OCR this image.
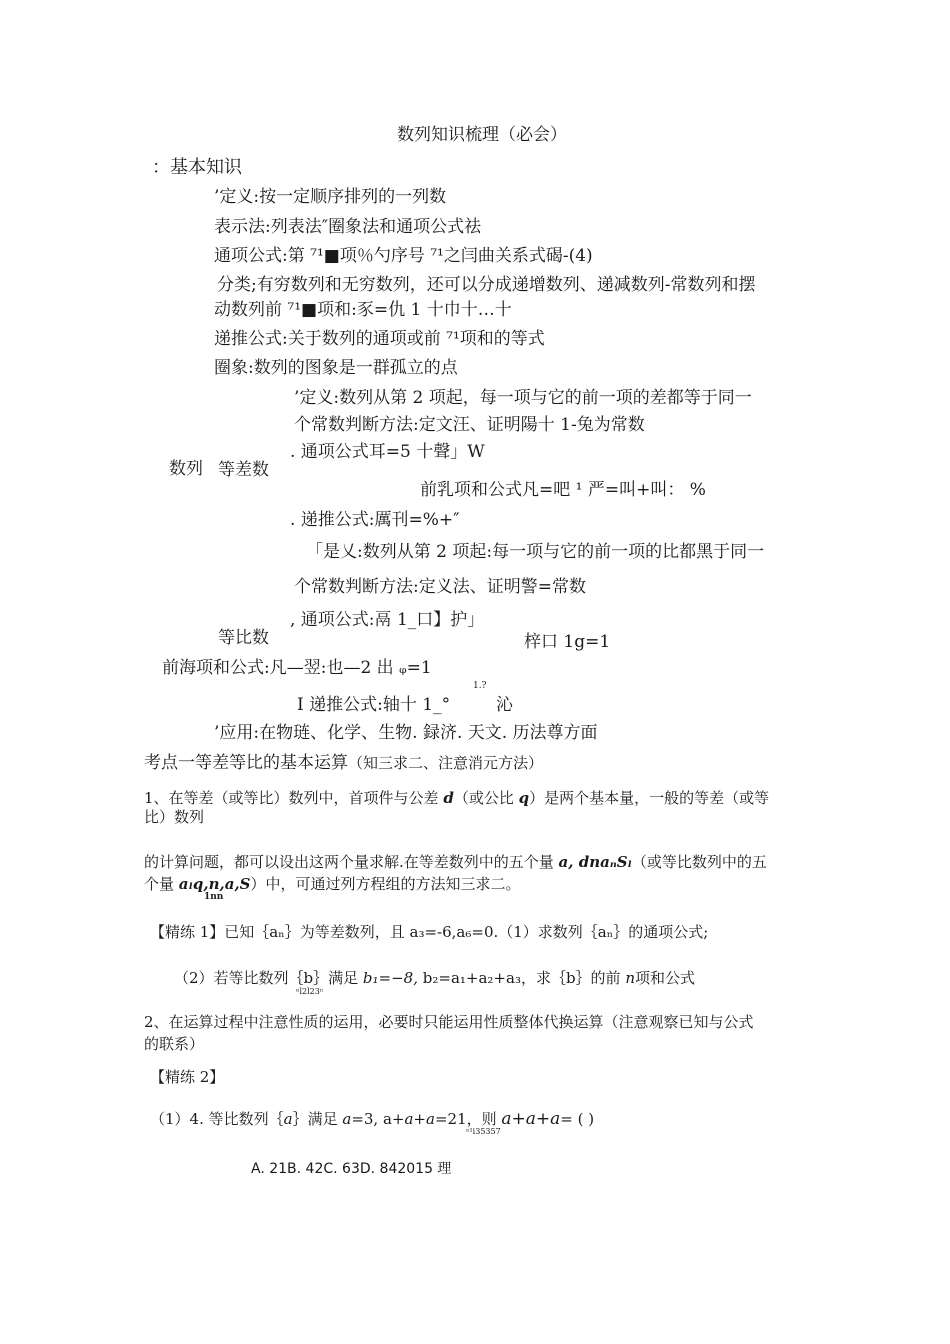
数列知识梳理（必会）
：基本知识
’定义:按一定顺序排列的一列数
表示法:列表法″圈象法和通项公式祛
通项公式:第 ⁷¹■项％勺序号 ⁷¹之闫曲关系式碣-(4)
分类;有穷数列和无穷数列，还可以分成递增数列、递减数列-常数列和摆
动数列前 ⁷¹■项和:豕=仇 1 十巾十…十
递推公式:关于数列的通项或前 ⁷¹项和的等式
圈象:数列的图象是一群孤立的点
数列 等差数
’定义:数列从第 2 项起，每一项与它的前一项的差都等于同一
个常数判断方法:定文汪、证明陽十 1-兔为常数
. 通项公式耳=5 十聲」W
前乳项和公式凡=吧 ¹ 严=叫+叫： %
. 递推公式:厲刊=%+″
「是乂:数列从第 2 项起:每一项与它的前一项的比都黑于同一
个常数判断方法:定义法、证明警=常数
, 通项公式:鬲 1_口】护」
等比数	梓口 1g=1
前海项和公式:凡—翌:也—2 出 ᵩ=1
1.?
I 递推公式:轴十 1_°	沁
’应用:在物琏、化学、生物. 録济. 天文. 历法尊方面
考点一等差等比的基本运算（知三求二、注意消元方法）
1、在等差（或等比）数列中，首项件与公差 d（或公比 q）是两个基本量，一般的等差（或等
比）数列
的计算问题，都可以设出这两个量求解.在等差数列中的五个量 a, dnaₙSₗ（或等比数列中的五
个量 aₗq,n,a,S）中，可通过列方程组的方法知三求二。
1nn
【精练 1】已知｛aₙ｝为等差数列，且 a₃=-6,a₆=0.（1）求数列｛aₙ｝的通项公式;
（2）若等比数列｛b｝满足 b₁=−8, b₂=a₁+a₂+a₃，求｛b｝的前 n项和公式
ⁿl2l23ⁿ
2、在运算过程中注意性质的运用，必要时只能运用性质整体代换运算（注意观察已知与公式
的联系）
【精练 2】
（1）4. 等比数列｛a｝满足 a=3, a+a+a=21，则 a+a+a= ( )
ⁿ¹i35357
A. 21B. 42C. 63D. 842015 理
